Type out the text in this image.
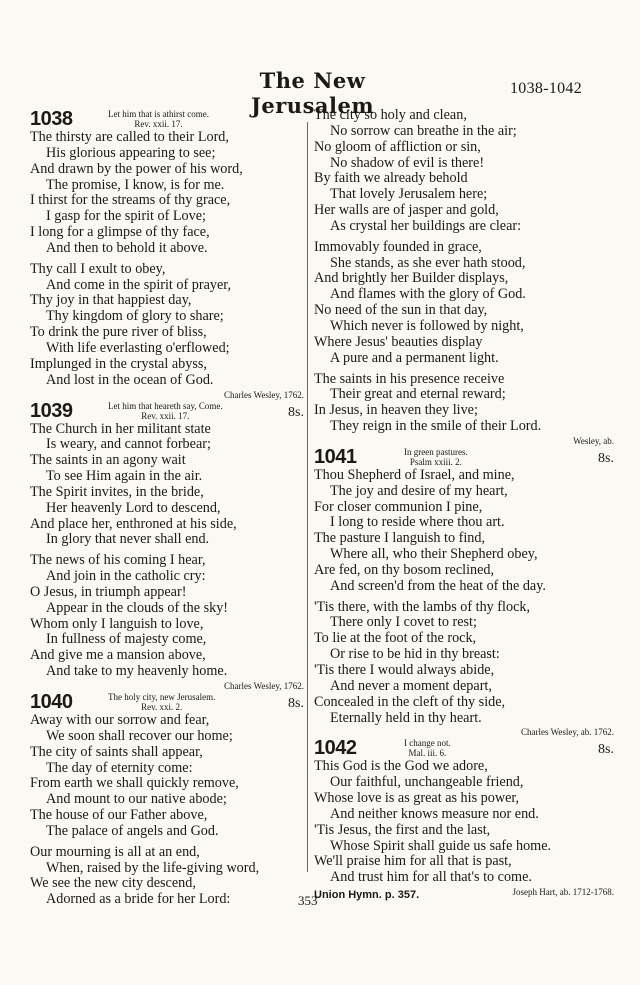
The New Jerusalem
1038-1042
1038	Let him that is athirst come.
Rev. xxii. 17.
The thirsty are called to their Lord,
His glorious appearing to see;
And drawn by the power of his word,
The promise, I know, is for me.
I thirst for the streams of thy grace,
I gasp for the spirit of Love;
I long for a glimpse of thy face,
And then to behold it above.
Thy call I exult to obey,
And come in the spirit of prayer,
Thy joy in that happiest day,
Thy kingdom of glory to share;
To drink the pure river of bliss,
With life everlasting o'erflowed;
Implunged in the crystal abyss,
And lost in the ocean of God.
Charles Wesley, 1762.
1039	Let him that heareth say, Come.
Rev. xxii. 17.	8s.
The Church in her militant state
Is weary, and cannot forbear;
The saints in an agony wait
To see Him again in the air.
The Spirit invites, in the bride,
Her heavenly Lord to descend,
And place her, enthroned at his side,
In glory that never shall end.
The news of his coming I hear,
And join in the catholic cry:
O Jesus, in triumph appear!
Appear in the clouds of the sky!
Whom only I languish to love,
In fullness of majesty come,
And give me a mansion above,
And take to my heavenly home.
Charles Wesley, 1762.
1040	The holy city, new Jerusalem.
Rev. xxi. 2.	8s.
Away with our sorrow and fear,
We soon shall recover our home;
The city of saints shall appear,
The day of eternity come:
From earth we shall quickly remove,
And mount to our native abode;
The house of our Father above,
The palace of angels and God.
Our mourning is all at an end,
When, raised by the life-giving word,
We see the new city descend,
Adorned as a bride for her Lord:
The city so holy and clean,
No sorrow can breathe in the air;
No gloom of affliction or sin,
No shadow of evil is there!
By faith we already behold
That lovely Jerusalem here;
Her walls are of jasper and gold,
As crystal her buildings are clear:
Immovably founded in grace,
She stands, as she ever hath stood,
And brightly her Builder displays,
And flames with the glory of God.
No need of the sun in that day,
Which never is followed by night,
Where Jesus' beauties display
A pure and a permanent light.
The saints in his presence receive
Their great and eternal reward;
In Jesus, in heaven they live;
They reign in the smile of their Lord.
Wesley, ab.
1041	In green pastures.
Psalm xxiii. 2.	8s.
Thou Shepherd of Israel, and mine,
The joy and desire of my heart,
For closer communion I pine,
I long to reside where thou art.
The pasture I languish to find,
Where all, who their Shepherd obey,
Are fed, on thy bosom reclined,
And screen'd from the heat of the day.
'Tis there, with the lambs of thy flock,
There only I covet to rest;
To lie at the foot of the rock,
Or rise to be hid in thy breast:
'Tis there I would always abide,
And never a moment depart,
Concealed in the cleft of thy side,
Eternally held in thy heart.
Charles Wesley, ab. 1762.
1042	I change not.
Mal. iii. 6.	8s.
This God is the God we adore,
Our faithful, unchangeable friend,
Whose love is as great as his power,
And neither knows measure nor end.
'Tis Jesus, the first and the last,
Whose Spirit shall guide us safe home.
We'll praise him for all that is past,
And trust him for all that's to come.
Union Hymn. p. 357.	Joseph Hart, ab. 1712-1768.
353
